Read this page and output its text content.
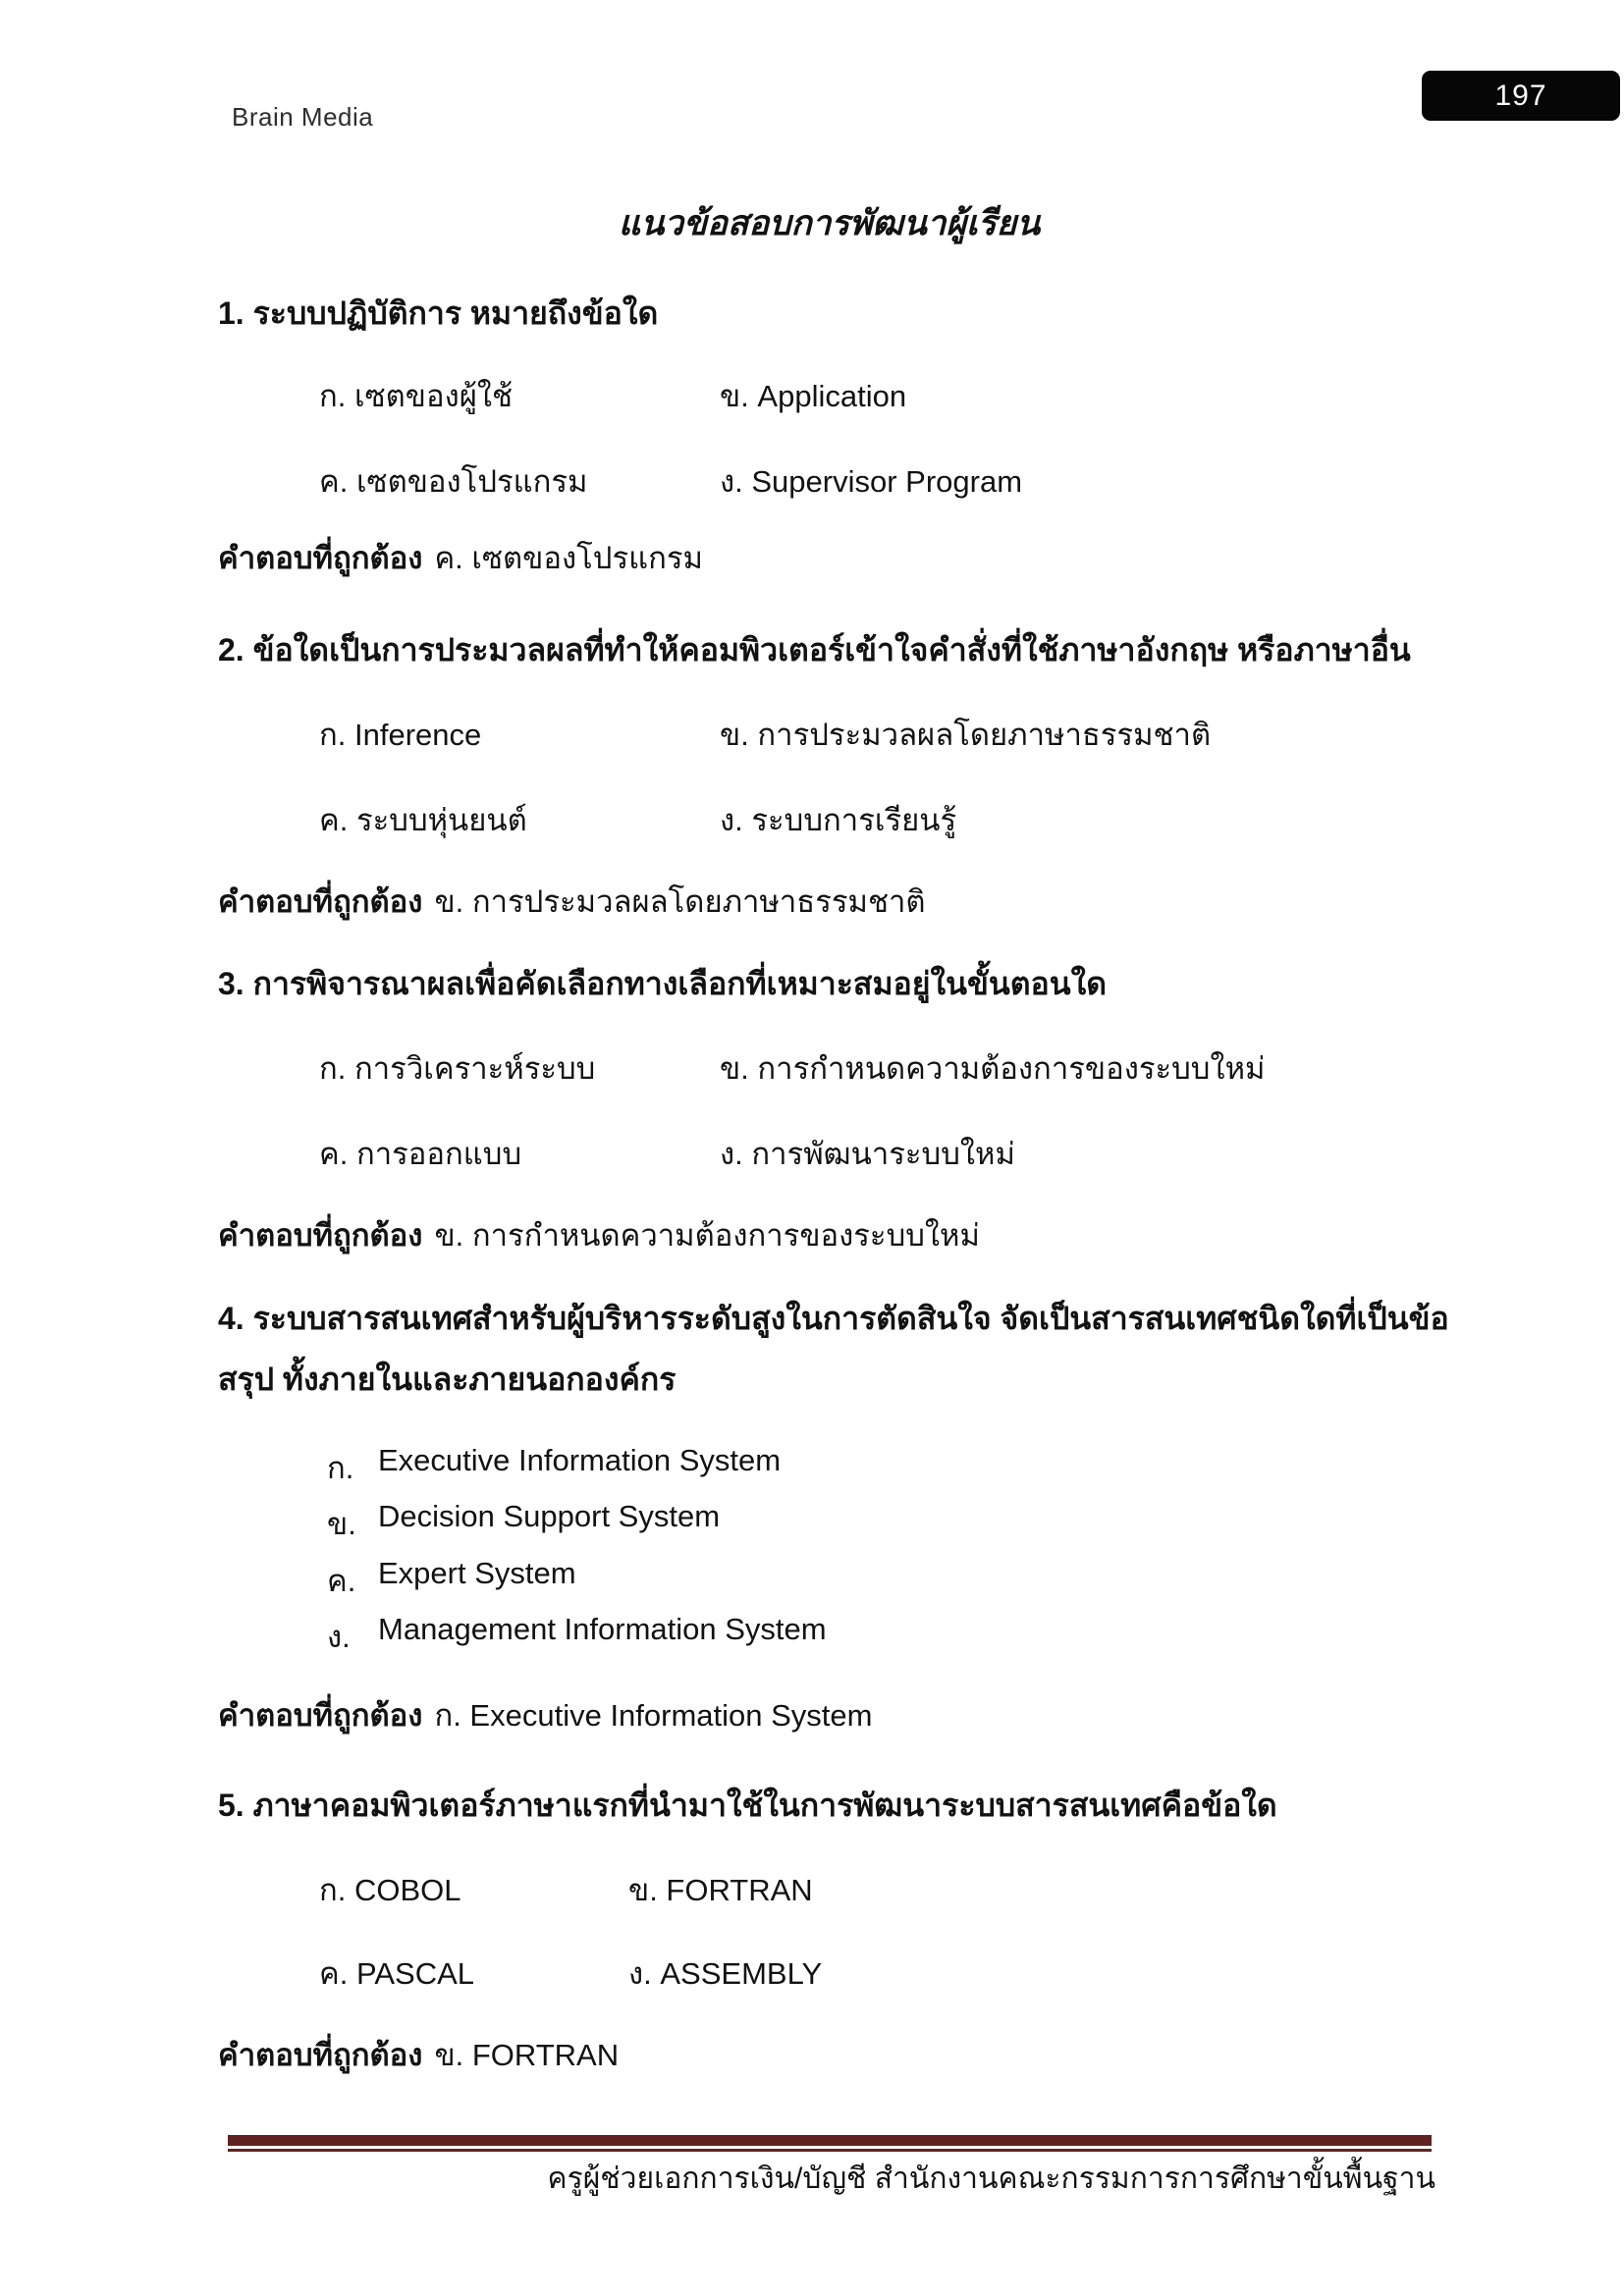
Brain Media
197
แนวข้อสอบการพัฒนาผู้เรียน
1. ระบบปฏิบัติการ หมายถึงข้อใด
ก. เซตของผู้ใช้	ข. Application
ค. เซตของโปรแกรม	ง. Supervisor Program
คำตอบที่ถูกต้อง ค. เซตของโปรแกรม
2. ข้อใดเป็นการประมวลผลที่ทำให้คอมพิวเตอร์เข้าใจคำสั่งที่ใช้ภาษาอังกฤษ หรือภาษาอื่น
ก. Inference	ข. การประมวลผลโดยภาษาธรรมชาติ
ค. ระบบหุ่นยนต์	ง. ระบบการเรียนรู้
คำตอบที่ถูกต้อง ข. การประมวลผลโดยภาษาธรรมชาติ
3. การพิจารณาผลเพื่อคัดเลือกทางเลือกที่เหมาะสมอยู่ในขั้นตอนใด
ก. การวิเคราะห์ระบบ	ข. การกำหนดความต้องการของระบบใหม่
ค. การออกแบบ	ง. การพัฒนาระบบใหม่
คำตอบที่ถูกต้อง ข. การกำหนดความต้องการของระบบใหม่
4. ระบบสารสนเทศสำหรับผู้บริหารระดับสูงในการตัดสินใจ จัดเป็นสารสนเทศชนิดใดที่เป็นข้อสรุป ทั้งภายในและภายนอกองค์กร
ก. Executive Information System
ข. Decision Support System
ค. Expert System
ง. Management Information System
คำตอบที่ถูกต้อง ก. Executive Information System
5. ภาษาคอมพิวเตอร์ภาษาแรกที่นำมาใช้ในการพัฒนาระบบสารสนเทศคือข้อใด
ก. COBOL	ข. FORTRAN
ค. PASCAL	ง. ASSEMBLY
คำตอบที่ถูกต้อง ข. FORTRAN
ครูผู้ช่วยเอกการเงิน/บัญชี สำนักงานคณะกรรมการการศึกษาขั้นพื้นฐาน
